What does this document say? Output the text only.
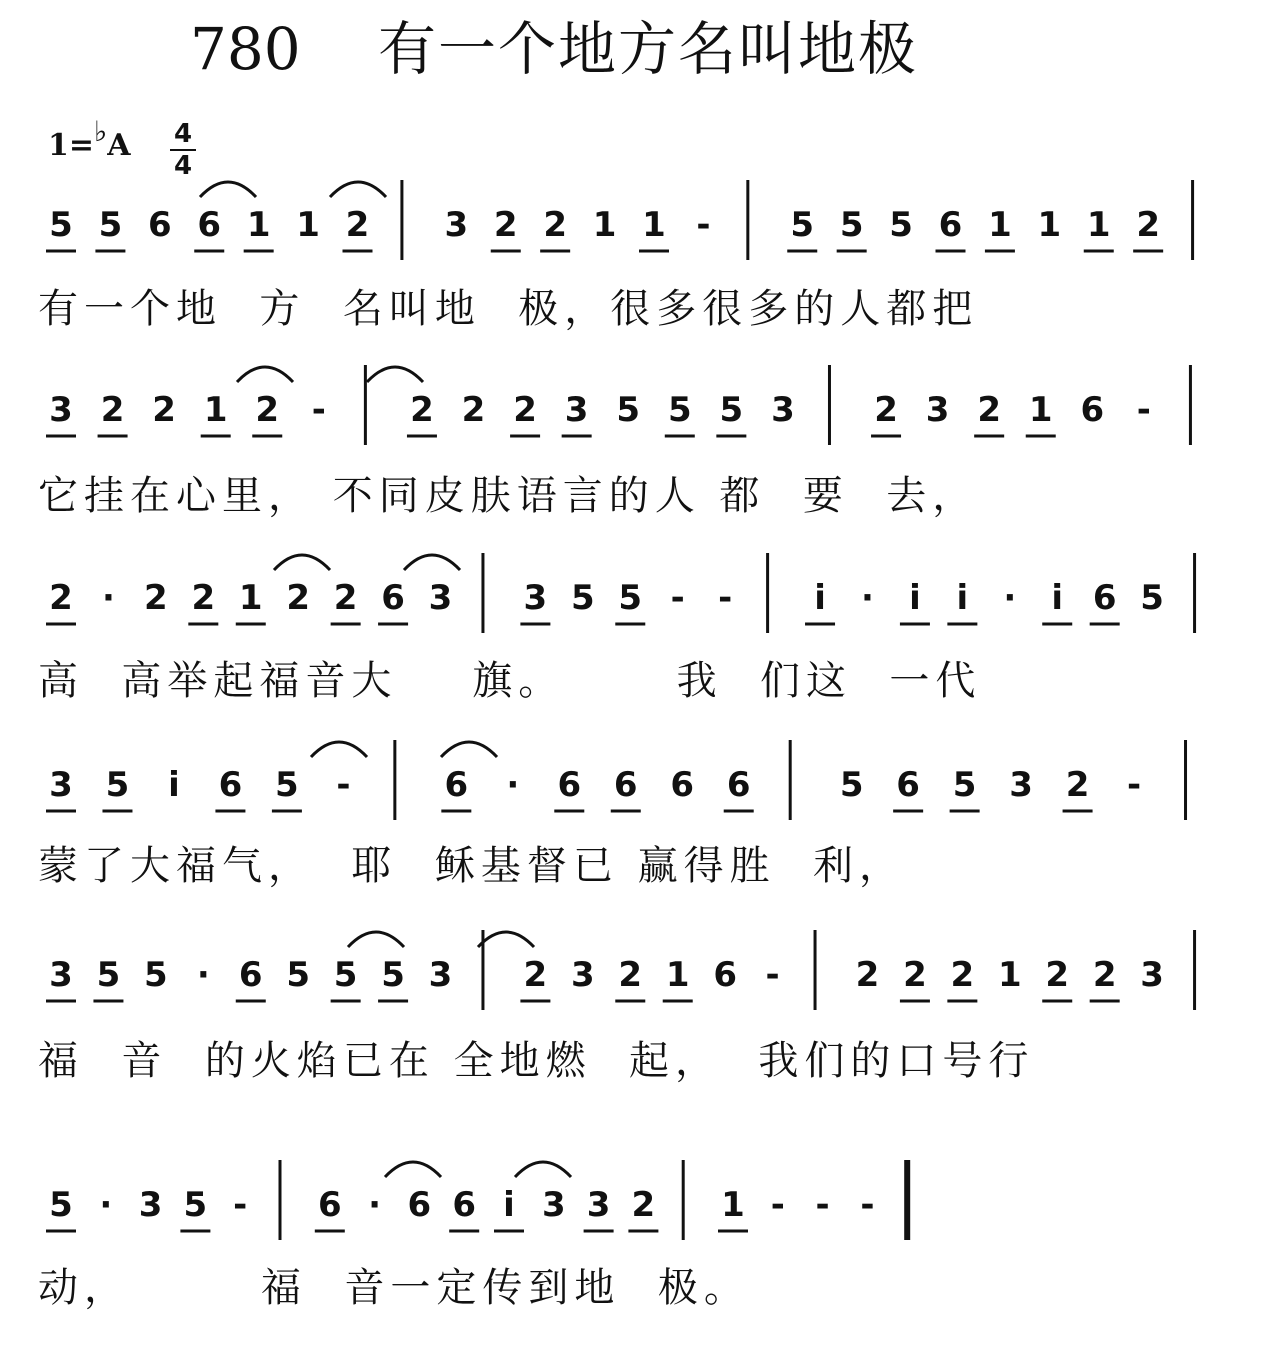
780 有一个地方名叫地极
1=♭A 4
4
5 5 6 6 1 1 2 3 2 2 1 1 - 5 5 5 6 1 1 1 2
有一个地  方  名叫地  极，很多很多的人都把
3 2 2 1 2 - 2 2 2 3 5 5 5 3 2 3 2 1 6 -
它挂在心里， 不同皮肤语言的人 都  要  去，
2 · 2 2 1 2 2 6 3 3 5 5 - -	i	·	i	i	·	i 6 5
高  高举起福音大    旗。      我  们这  一代
3 5	i	6 5 -	6	·	6 6 6 6	5 6 5 3 2 -
蒙了大福气，  耶  稣基督已 赢得胜  利，
3 5 5 · 6 5 5 5 3 2 3 2 1 6 - 2 2 2 1 2 2 3
福  音  的火焰已在 全地燃  起，  我们的口号行
5 · 3 5 - 6 · 6 6 i 3 3 2 1 - - -
动，       福  音一定传到地  极。
